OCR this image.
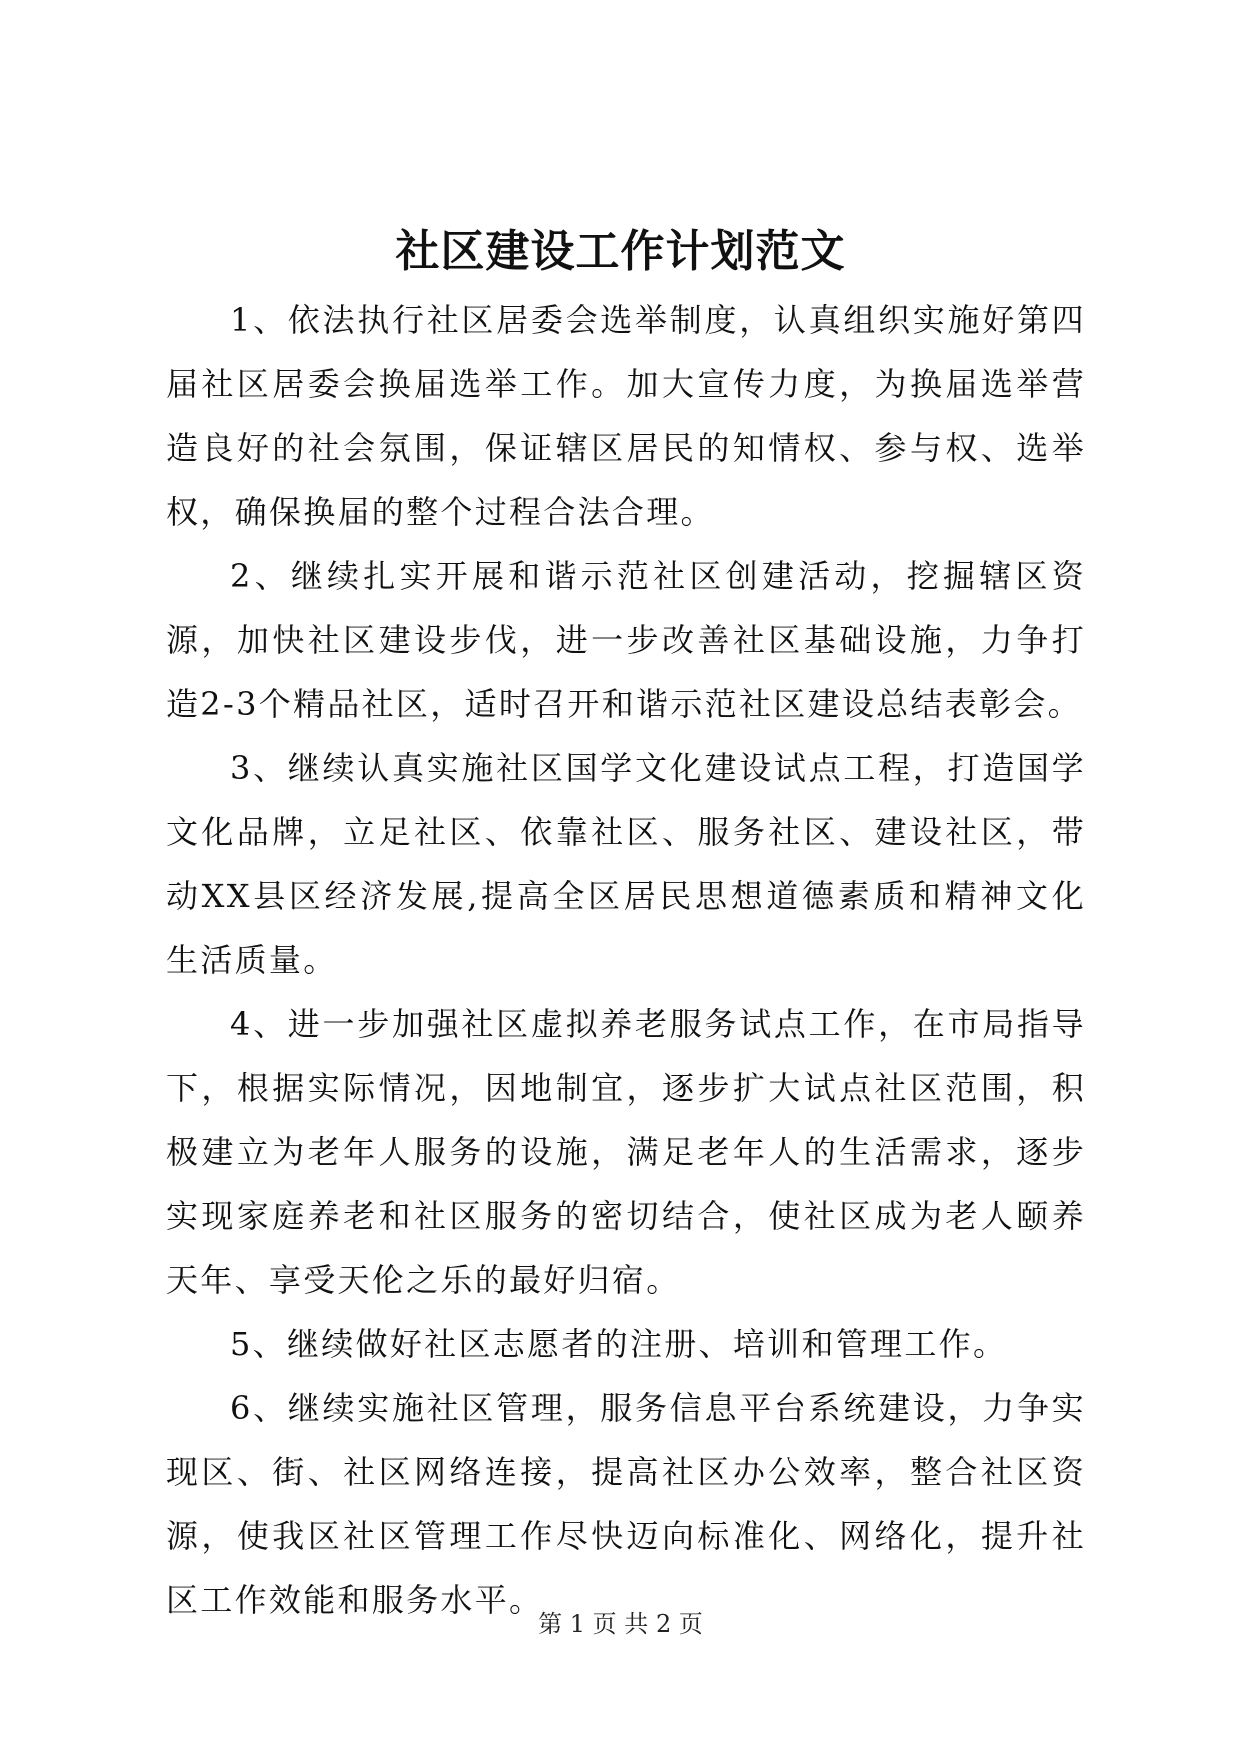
社区建设工作计划范文

1、依法执行社区居委会选举制度，认真组织实施好第四届社区居委会换届选举工作。加大宣传力度，为换届选举营造良好的社会氛围，保证辖区居民的知情权、参与权、选举权，确保换届的整个过程合法合理。

2、继续扎实开展和谐示范社区创建活动，挖掘辖区资源，加快社区建设步伐，进一步改善社区基础设施，力争打造2-3个精品社区，适时召开和谐示范社区建设总结表彰会。

3、继续认真实施社区国学文化建设试点工程，打造国学文化品牌，立足社区、依靠社区、服务社区、建设社区，带动XX县区经济发展,提高全区居民思想道德素质和精神文化生活质量。

4、进一步加强社区虚拟养老服务试点工作，在市局指导下，根据实际情况，因地制宜，逐步扩大试点社区范围，积极建立为老年人服务的设施，满足老年人的生活需求，逐步实现家庭养老和社区服务的密切结合，使社区成为老人颐养天年、享受天伦之乐的最好归宿。

5、继续做好社区志愿者的注册、培训和管理工作。

6、继续实施社区管理，服务信息平台系统建设，力争实现区、街、社区网络连接，提高社区办公效率，整合社区资源，使我区社区管理工作尽快迈向标准化、网络化，提升社区工作效能和服务水平。

第 1 页 共 2 页
